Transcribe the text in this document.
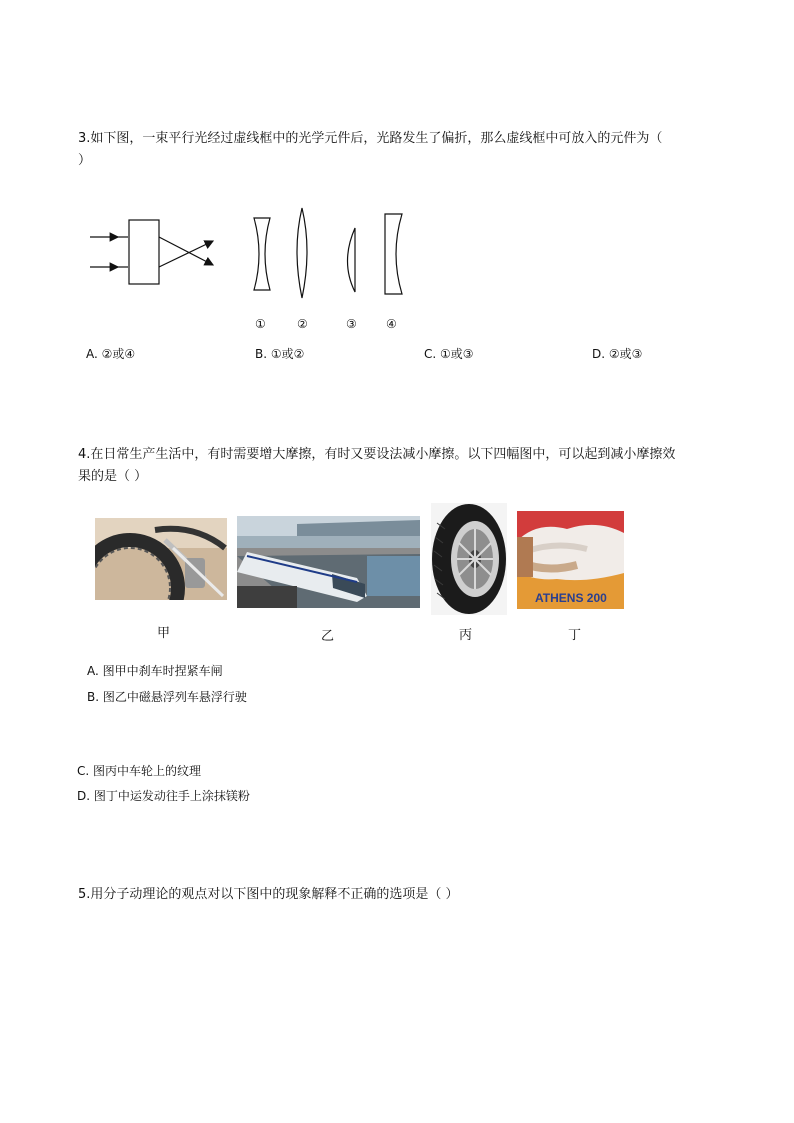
3.如下图，一束平行光经过虚线框中的光学元件后，光路发生了偏折，那么虚线框中可放入的元件为（
）
①	②	③ ④
A. ②或④	B. ①或②	C. ①或③	D. ②或③
4.在日常生产生活中，有时需要增大摩擦，有时又要设法减小摩擦。以下四幅图中，可以起到减小摩擦效
果的是（ ）
ATHENS 200
甲	乙	丙	丁
A. 图甲中刹车时捏紧车闸
B. 图乙中磁悬浮列车悬浮行驶
C. 图丙中车轮上的纹理
D. 图丁中运发动往手上涂抹镁粉
5.用分子动理论的观点对以下图中的现象解释不正确的选项是（ ）
